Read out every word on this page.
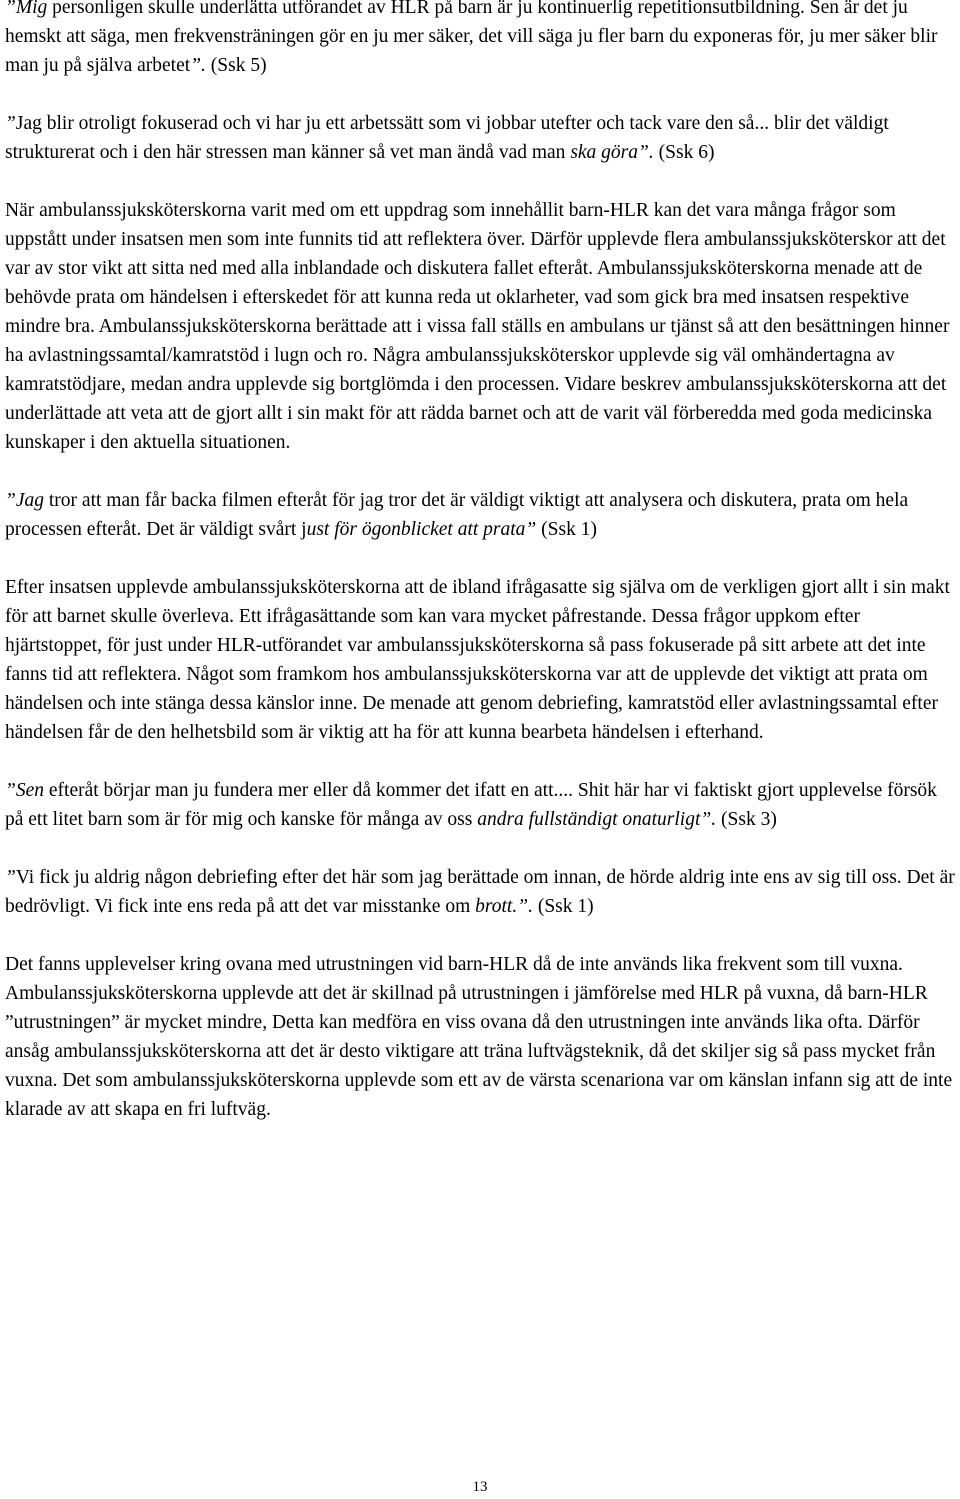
”Mig personligen skulle underlätta utförandet av HLR på barn är ju kontinuerlig repetitionsutbildning. Sen är det ju hemskt att säga, men frekvensträningen gör en ju mer säker, det vill säga ju fler barn du exponeras för, ju mer säker blir man ju på själva arbetet”. (Ssk 5)

”Jag blir otroligt fokuserad och vi har ju ett arbetssätt som vi jobbar utefter och tack vare den så... blir det väldigt strukturerat och i den här stressen man känner så vet man ändå vad man ska göra”. (Ssk 6)

När ambulanssjuksköterskorna varit med om ett uppdrag som innehållit barn-HLR kan det vara många frågor som uppstått under insatsen men som inte funnits tid att reflektera över. Därför upplevde flera ambulanssjuksköterskor att det var av stor vikt att sitta ned med alla inblandade och diskutera fallet efteråt. Ambulanssjuksköterskorna menade att de behövde prata om händelsen i efterskedet för att kunna reda ut oklarheter, vad som gick bra med insatsen respektive mindre bra. Ambulanssjuksköterskorna berättade att i vissa fall ställs en ambulans ur tjänst så att den besättningen hinner ha avlastningssamtal/kamratstöd i lugn och ro. Några ambulanssjuksköterskor upplevde sig väl omhändertagna av kamratstödjare, medan andra upplevde sig bortglömda i den processen. Vidare beskrev ambulanssjuksköterskorna att det underlättade att veta att de gjort allt i sin makt för att rädda barnet och att de varit väl förberedda med goda medicinska kunskaper i den aktuella situationen.

”Jag tror att man får backa filmen efteråt för jag tror det är väldigt viktigt att analysera och diskutera, prata om hela processen efteråt. Det är väldigt svårt just för ögonblicket att prata” (Ssk 1)

Efter insatsen upplevde ambulanssjuksköterskorna att de ibland ifrågasatte sig själva om de verkligen gjort allt i sin makt för att barnet skulle överleva. Ett ifrågasättande som kan vara mycket påfrestande. Dessa frågor uppkom efter hjärtstoppet, för just under HLR-utförandet var ambulanssjuksköterskorna så pass fokuserade på sitt arbete att det inte fanns tid att reflektera. Något som framkom hos ambulanssjuksköterskorna var att de upplevde det viktigt att prata om händelsen och inte stänga dessa känslor inne. De menade att genom debriefing, kamratstöd eller avlastningssamtal efter händelsen får de den helhetsbild som är viktig att ha för att kunna bearbeta händelsen i efterhand.

”Sen efteråt börjar man ju fundera mer eller då kommer det ifatt en att.... Shit här har vi faktiskt gjort upplevelse försök på ett litet barn som är för mig och kanske för många av oss andra fullständigt onaturligt”. (Ssk 3)

”Vi fick ju aldrig någon debriefing efter det här som jag berättade om innan, de hörde aldrig inte ens av sig till oss. Det är bedrövligt. Vi fick inte ens reda på att det var misstanke om brott.”. (Ssk 1)

Det fanns upplevelser kring ovana med utrustningen vid barn-HLR då de inte används lika frekvent som till vuxna. Ambulanssjuksköterskorna upplevde att det är skillnad på utrustningen i jämförelse med HLR på vuxna, då barn-HLR ”utrustningen” är mycket mindre, Detta kan medföra en viss ovana då den utrustningen inte används lika ofta. Därför ansåg ambulanssjuksköterskorna att det är desto viktigare att träna luftvägsteknik, då det skiljer sig så pass mycket från vuxna. Det som ambulanssjuksköterskorna upplevde som ett av de värsta scenariona var om känslan infann sig att de inte klarade av att skapa en fri luftväg.

13
